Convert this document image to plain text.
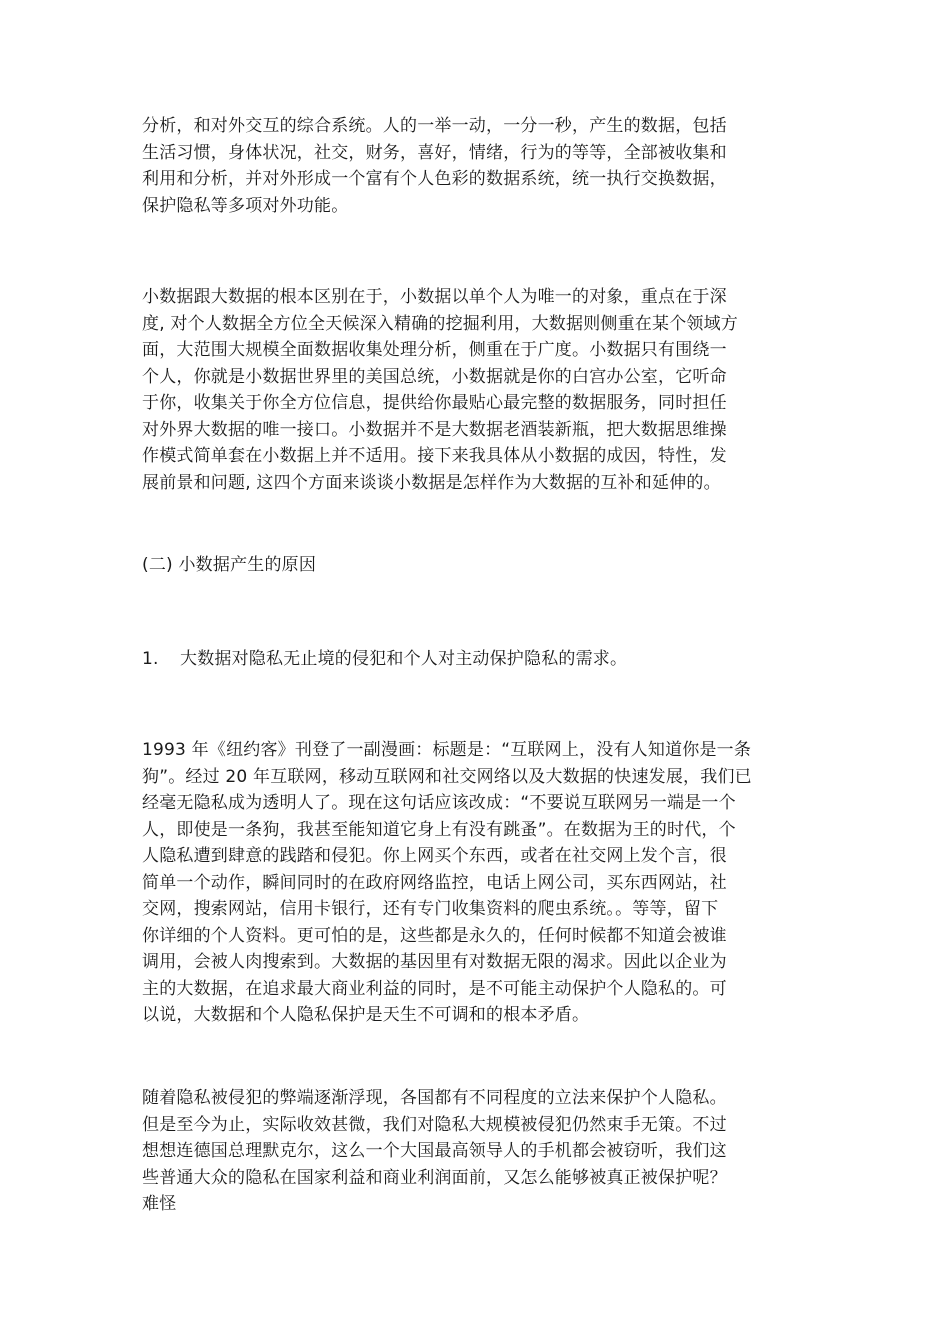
分析，和对外交互的综合系统。人的一举一动，一分一秒，产生的数据，包括
生活习惯，身体状况，社交，财务，喜好，情绪，行为的等等，全部被收集和
利用和分析，并对外形成一个富有个人色彩的数据系统，统一执行交换数据，
保护隐私等多项对外功能。
小数据跟大数据的根本区别在于，小数据以单个人为唯一的对象，重点在于深
度, 对个人数据全方位全天候深入精确的挖掘利用，大数据则侧重在某个领域方
面，大范围大规模全面数据收集处理分析，侧重在于广度。小数据只有围绕一
个人，你就是小数据世界里的美国总统，小数据就是你的白宫办公室，它听命
于你，收集关于你全方位信息，提供给你最贴心最完整的数据服务，同时担任
对外界大数据的唯一接口。小数据并不是大数据老酒装新瓶，把大数据思维操
作模式简单套在小数据上并不适用。接下来我具体从小数据的成因，特性，发
展前景和问题, 这四个方面来谈谈小数据是怎样作为大数据的互补和延伸的。
(二) 小数据产生的原因
1. 大数据对隐私无止境的侵犯和个人对主动保护隐私的需求。
1993 年《纽约客》刊登了一副漫画：标题是：“互联网上，没有人知道你是一条
狗”。经过 20 年互联网，移动互联网和社交网络以及大数据的快速发展，我们已
经毫无隐私成为透明人了。现在这句话应该改成：“不要说互联网另一端是一个
人，即使是一条狗，我甚至能知道它身上有没有跳蚤”。在数据为王的时代，个
人隐私遭到肆意的践踏和侵犯。你上网买个东西，或者在社交网上发个言，很
简单一个动作，瞬间同时的在政府网络监控，电话上网公司，买东西网站，社
交网，搜索网站，信用卡银行，还有专门收集资料的爬虫系统。。等等，留下
你详细的个人资料。更可怕的是，这些都是永久的，任何时候都不知道会被谁
调用，会被人肉搜索到。大数据的基因里有对数据无限的渴求。因此以企业为
主的大数据，在追求最大商业利益的同时，是不可能主动保护个人隐私的。可
以说，大数据和个人隐私保护是天生不可调和的根本矛盾。
随着隐私被侵犯的弊端逐渐浮现，各国都有不同程度的立法来保护个人隐私。
但是至今为止，实际收效甚微，我们对隐私大规模被侵犯仍然束手无策。不过
想想连德国总理默克尔，这么一个大国最高领导人的手机都会被窃听，我们这
些普通大众的隐私在国家利益和商业利润面前，又怎么能够被真正被保护呢？
难怪
